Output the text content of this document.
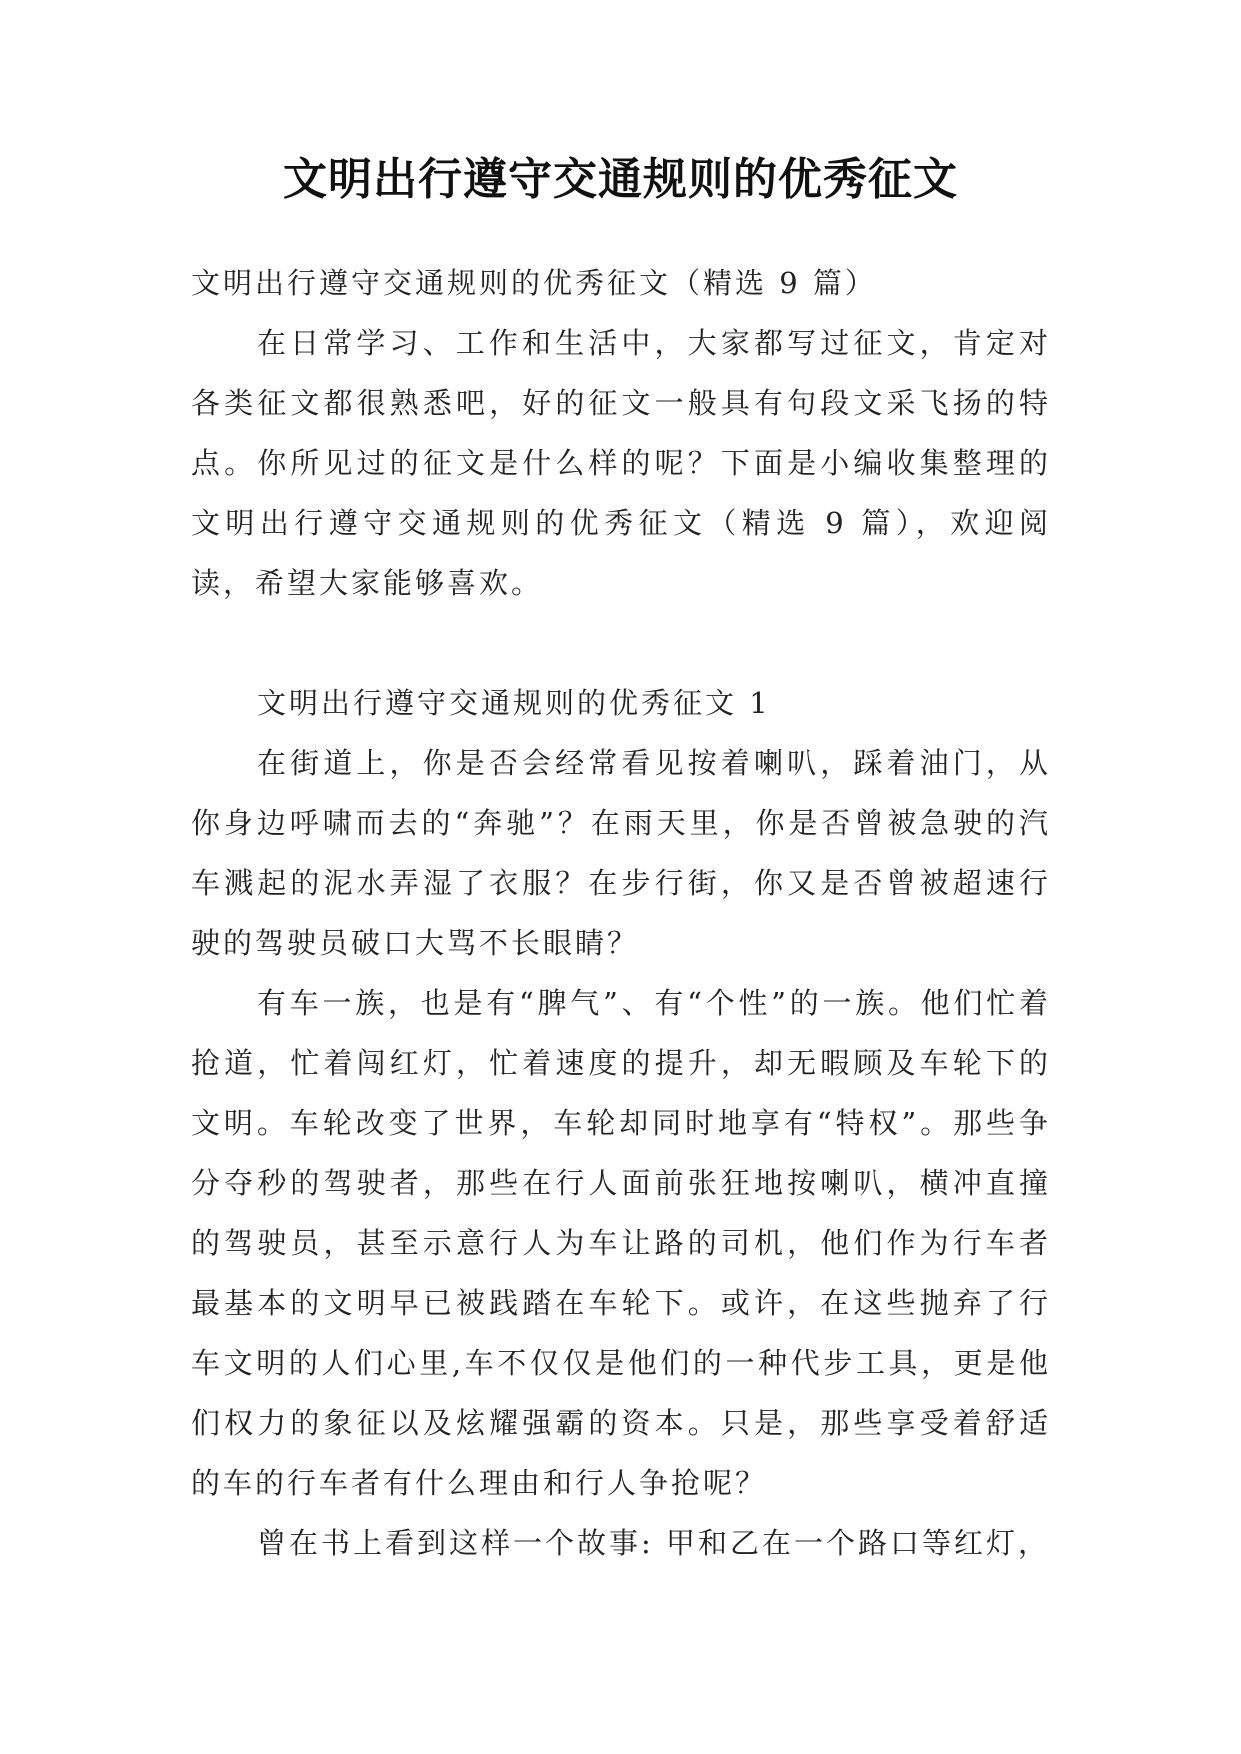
文明出行遵守交通规则的优秀征文

文明出行遵守交通规则的优秀征文（精选 9 篇）

在日常学习、工作和生活中，大家都写过征文，肯定对各类征文都很熟悉吧，好的征文一般具有句段文采飞扬的特点。你所见过的征文是什么样的呢？下面是小编收集整理的文明出行遵守交通规则的优秀征文（精选 9 篇），欢迎阅读，希望大家能够喜欢。

文明出行遵守交通规则的优秀征文 1

在街道上，你是否会经常看见按着喇叭，踩着油门，从你身边呼啸而去的“奔驰”？在雨天里，你是否曾被急驶的汽车溅起的泥水弄湿了衣服？在步行街，你又是否曾被超速行驶的驾驶员破口大骂不长眼睛？

有车一族，也是有“脾气”、有“个性”的一族。他们忙着抢道，忙着闯红灯，忙着速度的提升，却无暇顾及车轮下的文明。车轮改变了世界，车轮却同时地享有“特权”。那些争分夺秒的驾驶者，那些在行人面前张狂地按喇叭，横冲直撞的驾驶员，甚至示意行人为车让路的司机，他们作为行车者最基本的文明早已被践踏在车轮下。或许，在这些抛弃了行车文明的人们心里,车不仅仅是他们的一种代步工具，更是他们权力的象征以及炫耀强霸的资本。只是，那些享受着舒适的车的行车者有什么理由和行人争抢呢？

曾在书上看到这样一个故事: 甲和乙在一个路口等红灯，
